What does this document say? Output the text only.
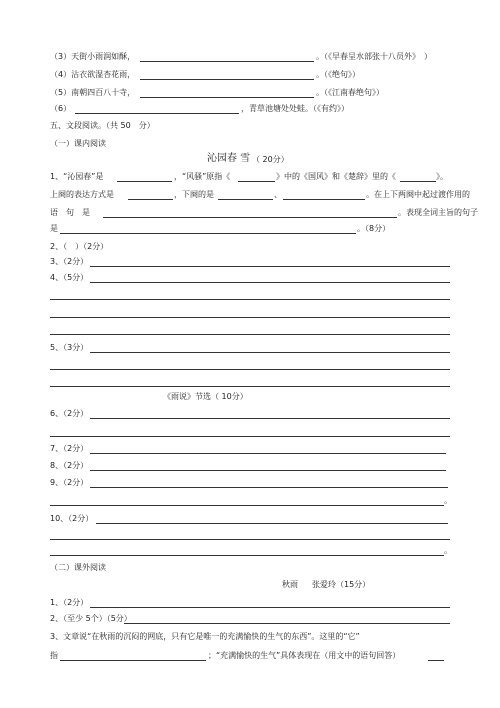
（3）天街小雨润如酥，	。（《早春呈水部张十八员外》　）
（4）沾衣欲湿杏花雨，	。（《绝句》）
（5）南朝四百八十寺，	。（《江南春绝句》）
（6）	，青草池塘处处蛙。（《有约》）
五、文段阅读。（共 50　分）
（一）课内阅读
沁园春 雪 （ 20分）
1、“沁园春”是	，“风骚”原指《	》中的《国风》和《楚辞》里的《	》。
上阕的表达方式是	，下阕的是	、	。在上下两阕中起过渡作用的
语　句　是	。表现全词主旨的句子
是	。（8分）
2、（　）（2分）
3、（2分）
4、（5分）
5、（3分）
《雨说》节选（ 10分）
6、（2分）
7、（2分）
8、（2分）
9、（2分）
。
10、（2分）
。
（二）课外阅读
秋雨 张爱玲（15分）
1、（2分）
2、（至少 5个）（5分）
3、文章说“在秋雨的沉闷的网底，只有它是唯一的充满愉快的生气的东西”。这里的“它”
指	；“充满愉快的生气”具体表现在（用文中的语句回答）
